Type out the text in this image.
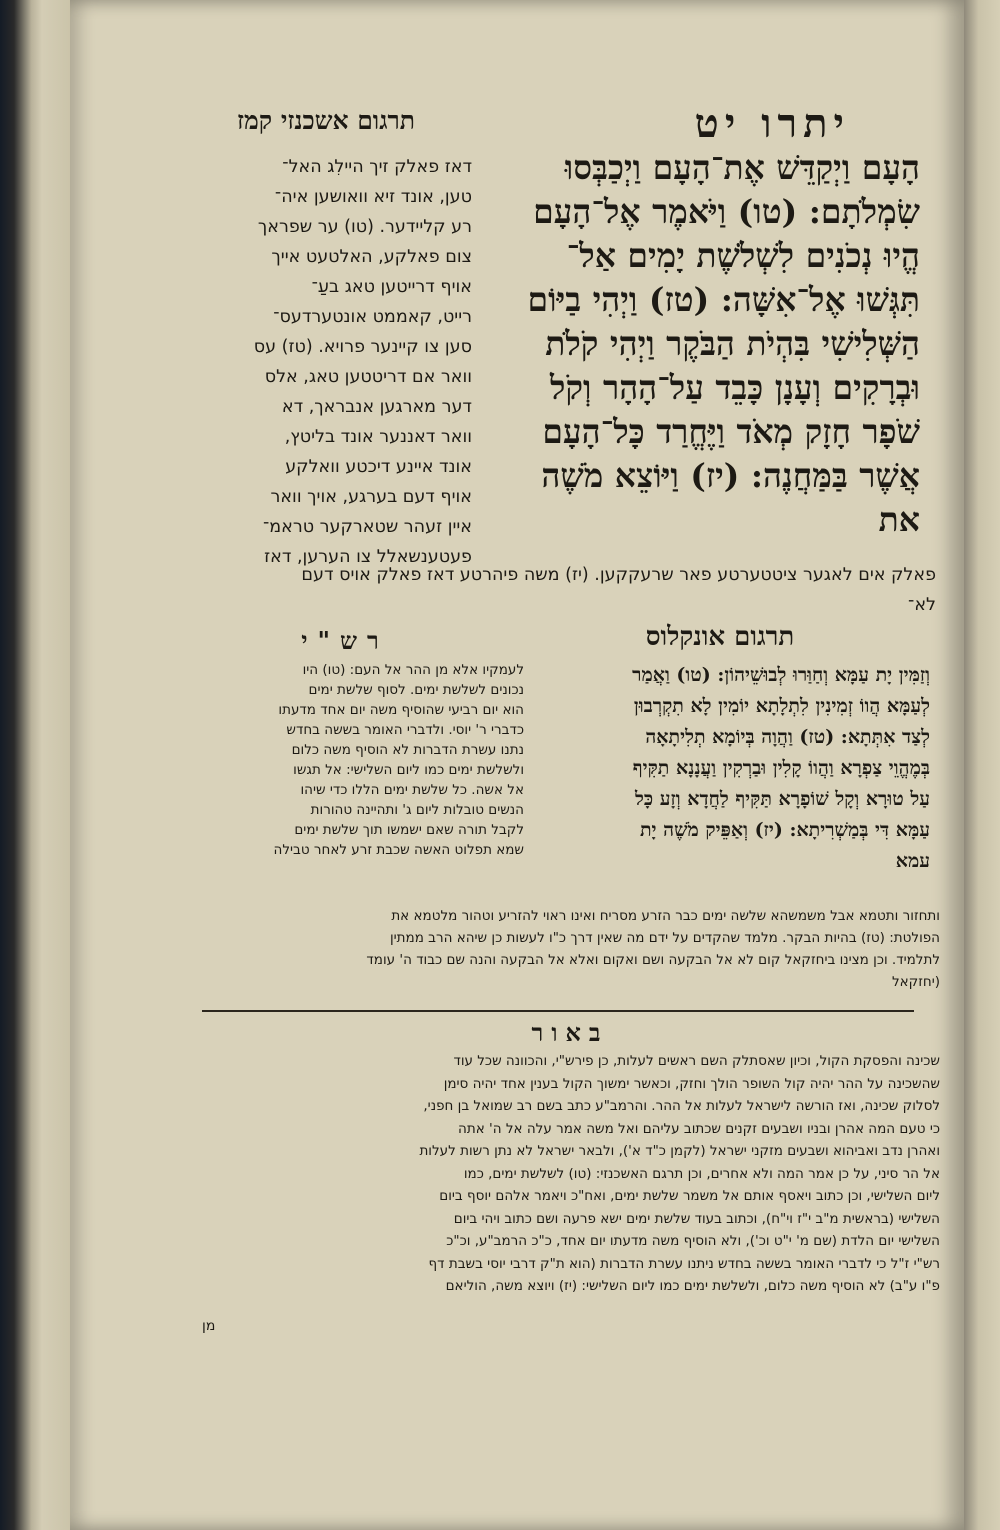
יתרו יט
תרגום אשכנזי קמז
הָעָם וַיְקַדֵּשׁ אֶת־הָעָם וַיְכַבְּסוּ
שִׂמְלֹתָם: (טו) וַיֹּאמֶר אֶל־הָעָם
הֱיוּ נְכֹנִים לִשְׁלֹשֶׁת יָמִים אַל־
תִּגְּשׁוּ אֶל־אִשָּׁה: (טז) וַיְהִי בַיּוֹם
הַשְּׁלִישִׁי בִּהְיֹת הַבֹּקֶר וַיְהִי קֹלֹת
וּבְרָקִים וְעָנָן כָּבֵד עַל־הָהָר וְקֹל
שֹׁפָר חָזָק מְאֹד וַיֶּחֱרַד כָּל־הָעָם
אֲשֶׁר בַּמַּחֲנֶה: (יז) וַיּוֹצֵא מֹשֶׁה
את
דאז פאלק זיך היילִג האל־
טען, אונד זיא וואושען איה־
רע קליידער. (טו) ער שפראך
צום פאלקע, האלטעט אייך
אויף דרייטען טאג בעַ־
רייט, קאממט אונטערדעס־
סען צו קיינער פרויא. (טז) עס
וואר אם דריטטען טאג, אלס
דער מארגען אנבראך, דא
וואר דאננער אונד בליטץ,
אונד איינע דיכטע וואלקע
אויף דעם בערגע, אויך וואר
איין זעהר שטארקער טראמ־
פעטענשאלל צו הערען, דאז
פאלק אים לאגער ציטטערטע פאר שרעקקען. (יז) משה פיהרטע דאז פאלק אויס דעם
לא־
תרגום אונקלוס
רש"י
וְזַמִּין יָת עַמָּא וְחַוַּרוּ לְבוּשֵׁיהוֹן: (טו) וַאֲמַר
לְעַמָּא הֲווֹ זְמִינִין לִתְלָתָא יוֹמִין לָא תִקְרְבוּן
לְצַד אִתְּתָא: (טז) וַהֲוָה בְּיוֹמָא תְלִיתָאָה
בְּמֶהֱוֵי צַפְרָא וַהֲווֹ קָלִין וּבַרְקִין וַעֲנָנָא תַקִּיף
עַל טוּרָא וְקָל שׁוֹפָרָא תַּקִּיף לַחֲדָא וְזָע כָּל
עַמָּא דִּי בְּמַשְׁרִיתָא: (יז) וְאַפֵּיק מֹשֶׁה יָת
עמא
לעמקיו אלא מן ההר אל העם: (טו) היו
נכונים לשלשת ימים. לסוף שלשת ימים
הוא יום רביעי שהוסיף משה יום אחד מדעתו
כדברי ר' יוסי. ולדברי האומר בששה בחדש
נתנו עשרת הדברות לא הוסיף משה כלום
ולשלשת ימים כמו ליום השלישי: אל תגשו
אל אשה. כל שלשת ימים הללו כדי שיהו
הנשים טובלות ליום ג' ותהיינה טהורות
לקבל תורה שאם ישמשו תוך שלשת ימים
שמא תפלוט האשה שכבת זרע לאחר טבילה
ותחזור ותטמא אבל משמשהא שלשה ימים כבר הזרע מסריח ואינו ראוי להזריע וטהור מלטמא את
הפולטת: (טז) בהיות הבקר. מלמד שהקדים על ידם מה שאין דרך כ"ו לעשות כן שיהא הרב ממתין
לתלמיד. וכן מצינו ביחזקאל קום לא אל הבקעה ושם ואקום ואלא אל הבקעה והנה שם כבוד ה' עומד
(יחזקאל
באור
שכינה והפסקת הקול, וכיון שאסתלק השם ראשים לעלות, כן פירש"י, והכוונה שכל עוד
שהשכינה על ההר יהיה קול השופר הולך וחזק, וכאשר ימשוך הקול בענין אחד יהיה סימן
לסלוק שכינה, ואז הורשה לישראל לעלות אל ההר. והרמב"ע כתב בשם רב שמואל בן חפני,
כי טעם המה אהרן ובניו ושבעים זקנים שכתוב עליהם ואל משה אמר עלה אל ה' אתה
ואהרן נדב ואביהוא ושבעים מזקני ישראל (לקמן כ"ד א'), ולבאר ישראל לא נתן רשות לעלות
אל הר סיני, על כן אמר המה ולא אחרים, וכן תרגם האשכנזי: (טו) לשלשת ימים, כמו
ליום השלישי, וכן כתוב ויאסף אותם אל משמר שלשת ימים, ואח"כ ויאמר אלהם יוסף ביום
השלישי (בראשית מ"ב י"ז וי"ח), וכתוב בעוד שלשת ימים ישא פרעה ושם כתוב ויהי ביום
השלישי יום הלדת (שם מ' י"ט וכ'), ולא הוסיף משה מדעתו יום אחד, כ"כ הרמב"ע, וכ"כ
רש"י ז"ל כי לדברי האומר בששה בחדש ניתנו עשרת הדברות (הוא ת"ק דרבי יוסי בשבת דף
פ"ו ע"ב) לא הוסיף משה כלום, ולשלשת ימים כמו ליום השלישי: (יז) ויוצא משה, הוליאם
מן
